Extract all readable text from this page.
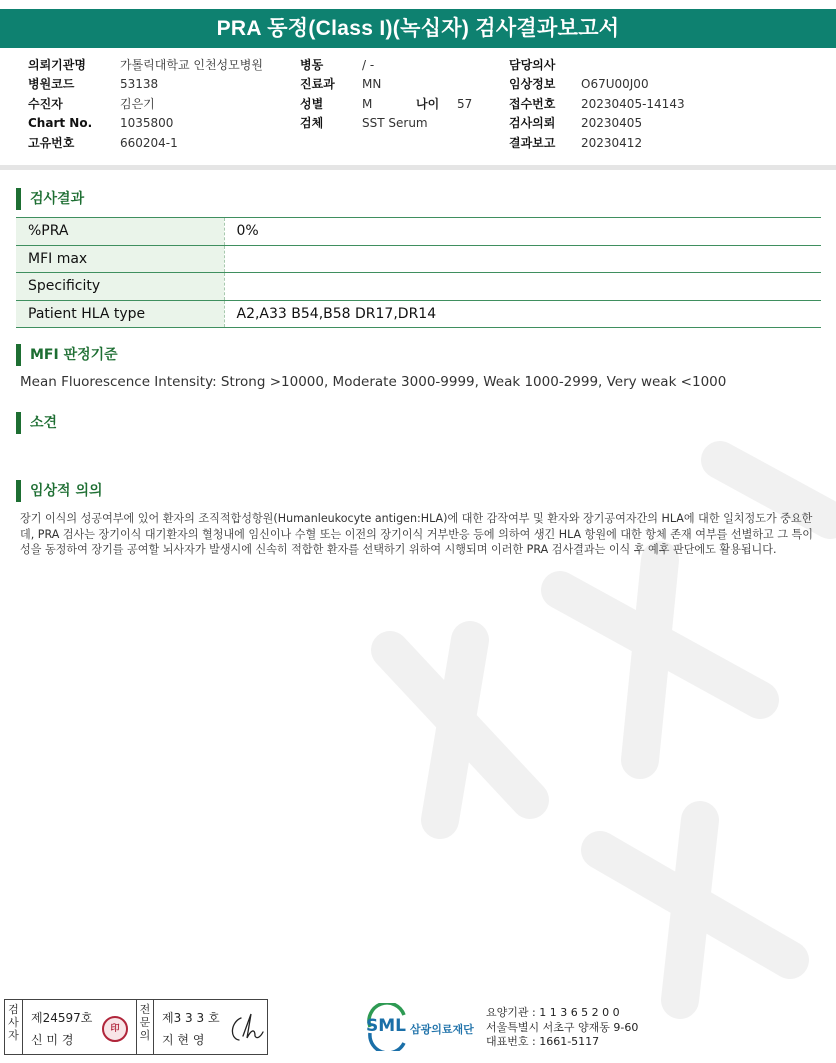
PRA 동정(Class I)(녹십자) 검사결과보고서
의뢰기관명	가톨릭대학교 인천성모병원
병원코드	53138
수진자	김은기
Chart No. 1035800
고유번호	660204-1
병동	/ -
진료과 MN
성별	M
검체	SST Serum
나이 57
담당의사
임상정보 O67U00J00
접수번호 20230405-14143
검사의뢰 20230405
결과보고 20230412
검사결과
%PRA	0%
MFI max	
Specificity	
Patient HLA type	A2,A33 B54,B58 DR17,DR14
MFI 판정기준
Mean Fluorescence Intensity: Strong >10000, Moderate 3000-9999, Weak 1000-2999, Very weak <1000
소견
임상적 의의
장기 이식의 성공여부에 있어 환자의 조직적합성항원(Humanleukocyte antigen:HLA)에 대한 감작여부 및 환자와 장기공여자간의 HLA에 대한 일치정도가 중요한데, PRA 검사는 장기이식 대기환자의 혈청내에 임신이나 수혈 또는 이전의 장기이식 거부반응 등에 의하여 생긴 HLA 항원에 대한 항체 존재 여부를 선별하고 그 특이성을 동정하여 장기를 공여할 뇌사자가 발생시에 신속히 적합한 환자를 선택하기 위하여 시행되며 이러한 PRA 검사결과는 이식 후 예후 판단에도 활용됩니다.
검사자
제24597호
신 미 경
印
전문의
제3 3 3 호
지 현 영
SML 삼광의료재단
요양기관 : 1 1 3 6 5 2 0 0
서울특별시 서초구 양재동 9-60
대표번호 : 1661-5117
